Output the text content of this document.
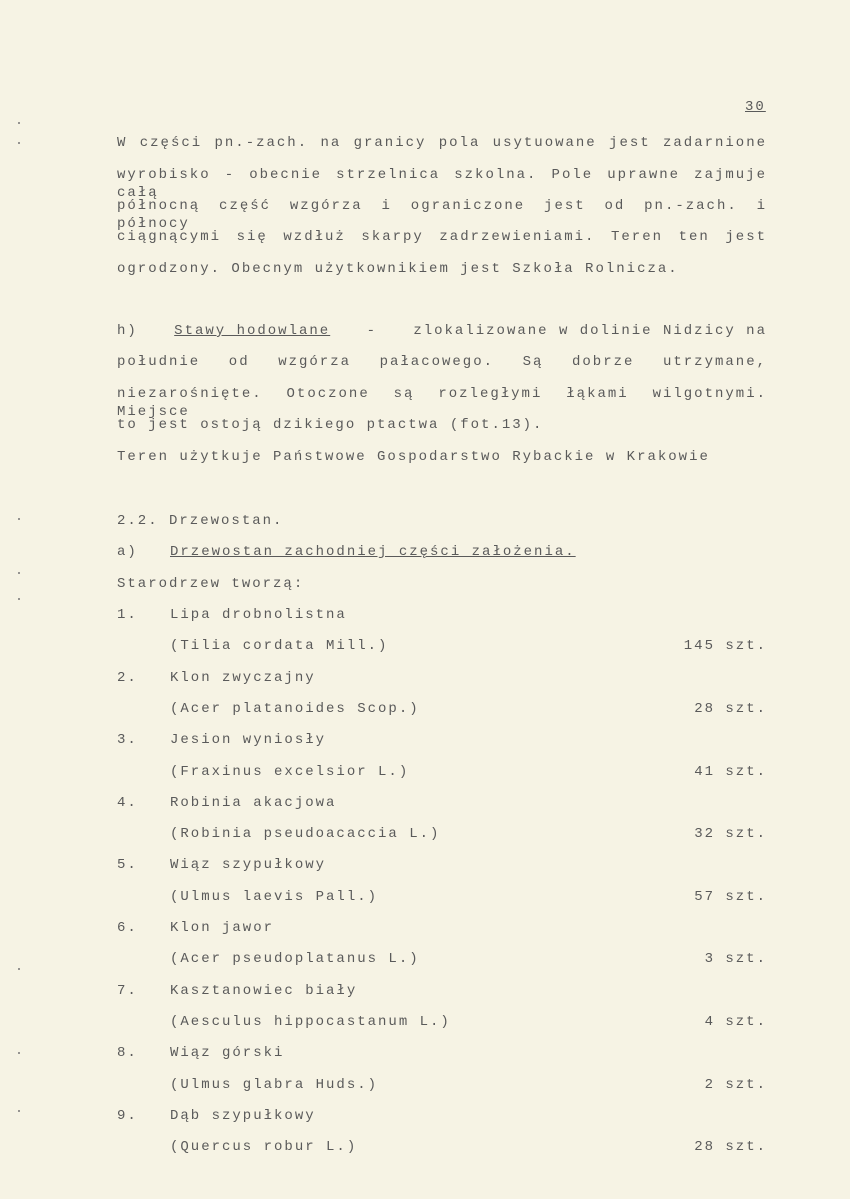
30
W części pn.-zach. na granicy pola usytuowane jest zadarnione
wyrobisko - obecnie strzelnica szkolna. Pole uprawne zajmuje całą
północną część wzgórza i ograniczone jest od pn.-zach. i północy
ciągnącymi się wzdłuż skarpy zadrzewieniami. Teren ten jest
ogrodzony. Obecnym użytkownikiem jest Szkoła Rolnicza.
h)	Stawy hodowlane	-	zlokalizowane w dolinie Nidzicy na
południe od wzgórza pałacowego. Są dobrze utrzymane,
niezarośnięte. Otoczone są rozległymi łąkami wilgotnymi. Miejsce
to jest ostoją dzikiego ptactwa (fot.13).
Teren użytkuje Państwowe Gospodarstwo Rybackie w Krakowie
2.2. Drzewostan.
a) Drzewostan zachodniej części założenia.
Starodrzew tworzą:
1. Lipa drobnolistna
(Tilia cordata Mill.)	145 szt.
2. Klon zwyczajny
(Acer platanoides Scop.)	28 szt.
3. Jesion wyniosły
(Fraxinus excelsior L.)	41 szt.
4. Robinia akacjowa
(Robinia pseudoacaccia L.)	32 szt.
5. Wiąz szypułkowy
(Ulmus laevis Pall.)	57 szt.
6. Klon jawor
(Acer pseudoplatanus L.)	3 szt.
7. Kasztanowiec biały
(Aesculus hippocastanum L.)	4 szt.
8. Wiąz górski
(Ulmus glabra Huds.)	2 szt.
9. Dąb szypułkowy
(Quercus robur L.)	28 szt.
